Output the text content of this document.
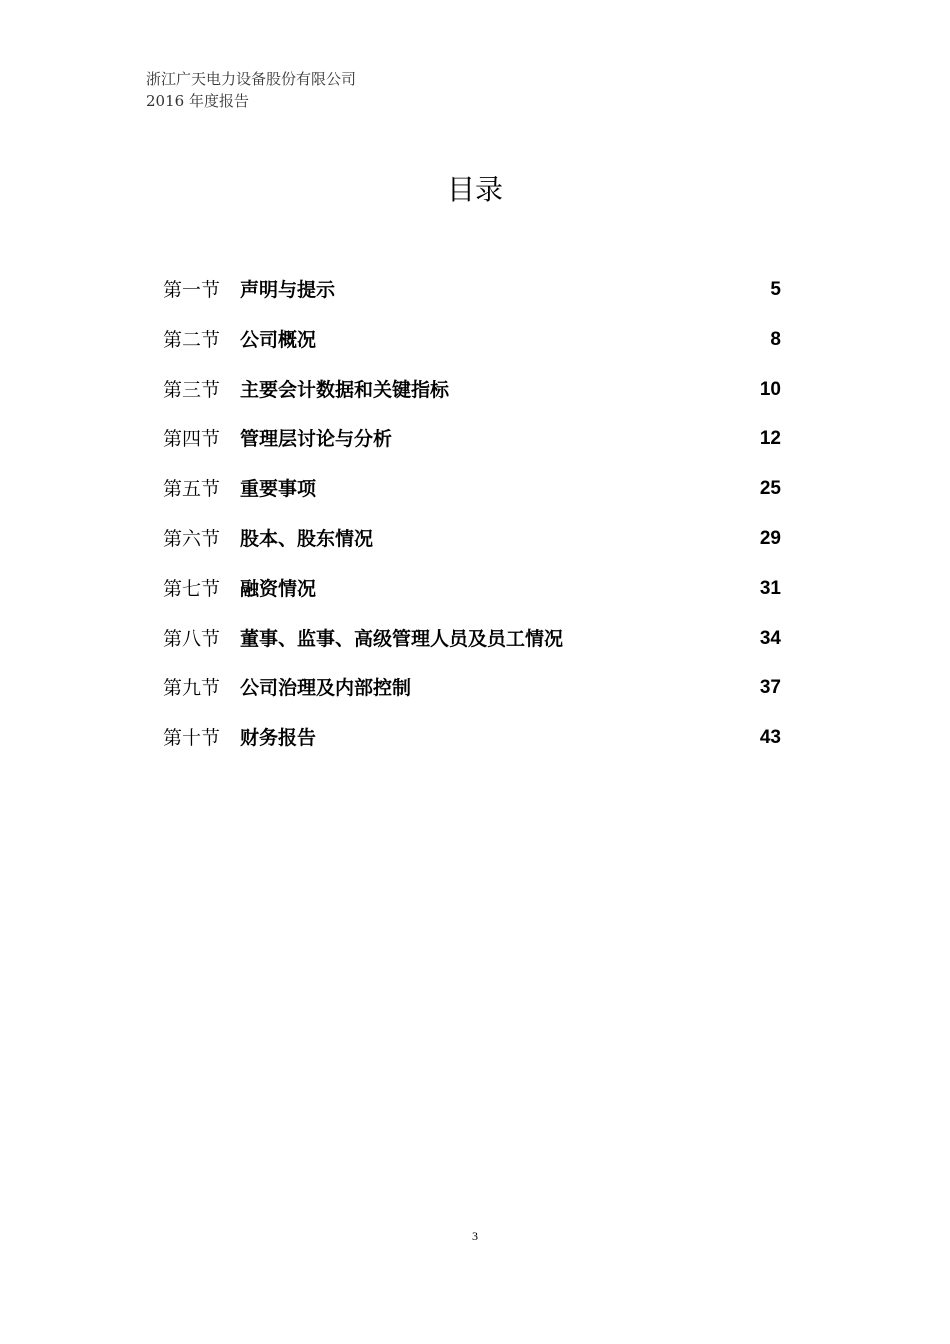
浙江广天电力设备股份有限公司
2016 年度报告
目录
第一节 声明与提示	5
第二节 公司概况	8
第三节 主要会计数据和关键指标	10
第四节 管理层讨论与分析	12
第五节 重要事项	25
第六节 股本、股东情况	29
第七节 融资情况	31
第八节 董事、监事、高级管理人员及员工情况	34
第九节 公司治理及内部控制	37
第十节 财务报告	43
3
